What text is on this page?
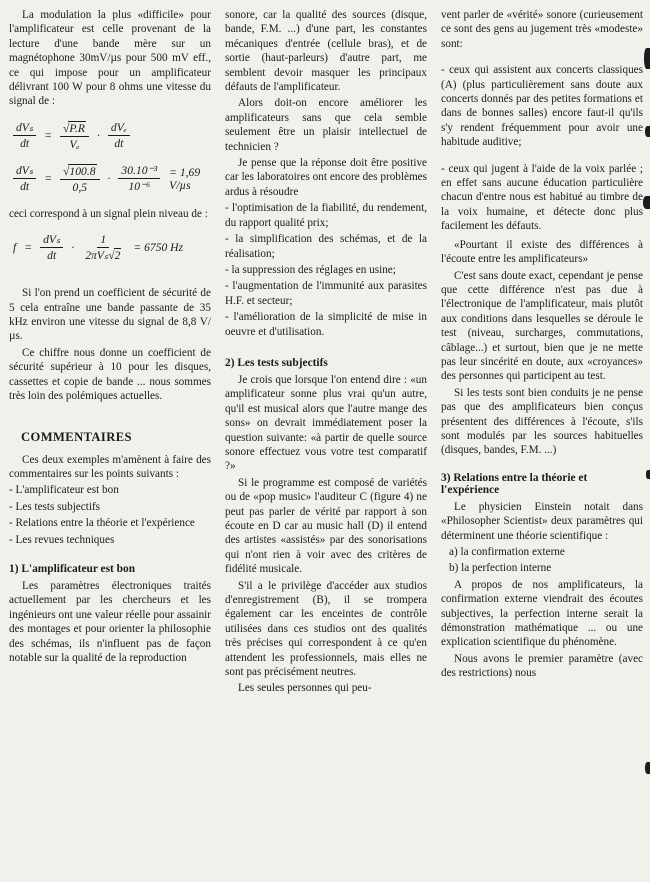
La modulation la plus «difficile» pour l'amplificateur est celle provenant de la lecture d'une bande mère sur un magnétophone 30mV/µs pour 500 mV eff., ce qui impose pour un amplificateur délivrant 100 W pour 8 ohms une vitesse du signal de :

$\frac{\text{dVₛ}}{dt} = \frac{√ P.R}{\text{Vₑ}} \cdot \frac{\text{dVₑ}}{dt}$
$\frac{\text{dVₛ}}{dt} = \frac{√ 100.8}{0,5} \cdot \frac{\text{30.10⁻³}}{\text{10⁻⁶}} = 1,69$ V/µs

ceci correspond à un signal plein niveau de :

$f = \frac{\text{dVₛ}}{dt} \cdot \frac{1}{\text{2πVₛ√2}} = 6750$ Hz

Si l'on prend un coefficient de sécurité de 5 cela entraîne une bande passante de 35 kHz environ une vitesse du signal de 8,8 V/µs.

Ce chiffre nous donne un coefficient de sécurité supérieur à 10 pour les disques, cassettes et copie de bande ... nous sommes très loin des polémiques actuelles.

COMMENTAIRES

Ces deux exemples m'amènent à faire des commentaires sur les points suivants :

- L'amplificateur est bon

- Les tests subjectifs

- Relations entre la théorie et l'expérience

- Les revues techniques

1) L'amplificateur est bon

Les paramètres électroniques traités actuellement par les chercheurs et les ingénieurs ont une valeur réelle pour assainir des montages et pour orienter la philosophie des schémas, ils n'influent pas de façon notable sur la qualité de la reproduction

sonore, car la qualité des sources (disque, bande, F.M. ...) d'une part, les constantes mécaniques d'entrée (cellule bras), et de sortie (haut-parleurs) d'autre part, me semblent devoir masquer les principaux défauts de l'amplificateur.

Alors doit-on encore améliorer les amplificateurs sans que cela semble seulement être un plaisir intellectuel de technicien ?

Je pense que la réponse doit être positive car les laboratoires ont encore des problèmes ardus à résoudre

- l'optimisation de la fiabilité, du rendement, du rapport qualité prix;

- la simplification des schémas, et de la réalisation;

- la suppression des réglages en usine;

- l'augmentation de l'immunité aux parasites H.F. et secteur;

- l'amélioration de la simplicité de mise in oeuvre et d'utilisation.

2) Les tests subjectifs

Je crois que lorsque l'on entend dire : «un amplificateur sonne plus vrai qu'un autre, qu'il est musical alors que l'autre mange des sons» on devrait immédiatement poser la question suivante: «à partir de quelle source sonore effectuez vous votre test comparatif ?»

Si le programme est composé de variétés ou de «pop music» l'auditeur C (figure 4) ne peut pas parler de vérité par rapport à son écoute en D car au music hall (D) il entend des artistes «assistés» par des sonorisations qui n'ont rien à voir avec des critères de fidélité musicale.

S'il a le privilège d'accéder aux studios d'enregistrement (B), il se trompera également car les enceintes de contrôle utilisées dans ces studios ont des qualités très précises qui correspondent à ce qu'en attendent les professionnels, mais elles ne sont pas précisément neutres.

Les seules personnes qui peu-

vent parler de «vérité» sonore (curieusement ce sont des gens au jugement très «modeste» sont:

- ceux qui assistent aux concerts classiques (A) (plus particulièrement sans doute aux concerts donnés par des petites formations et dans de bonnes salles) encore faut-il qu'ils s'y rendent fréquemment pour avoir une habitude auditive;

- ceux qui jugent à l'aide de la voix parlée ; en effet sans aucune éducation particulière chacun d'entre nous est habitué au timbre de la voix humaine, et détecte donc plus facilement les défauts.

«Pourtant il existe des différences à l'écoute entre les amplificateurs»

C'est sans doute exact, cependant je pense que cette différence n'est pas due à l'électronique de l'amplificateur, mais plutôt aux conditions dans lesquelles se déroule le test (niveau, surcharges, commutations, câblage...) et surtout, bien que je ne mette pas leur sincérité en doute, aux «croyances» des personnes qui participent au test.

Si les tests sont bien conduits je ne pense pas que des amplificateurs bien conçus présentent des différences à l'écoute, s'ils sont modulés par les sources habituelles (disques, bandes, F.M. ...)

3) Relations entre la théorie et l'expérience

Le physicien Einstein notait dans «Philosopher Scientist» deux paramètres qui déterminent une théorie scientifique :

a) la confirmation externe

b) la perfection interne

A propos de nos amplificateurs, la confirmation externe viendrait des écoutes subjectives, la perfection interne serait la démonstration mathématique ... ou une explication scientifique du phénomène.

Nous avons le premier paramètre (avec des restrictions) nous
